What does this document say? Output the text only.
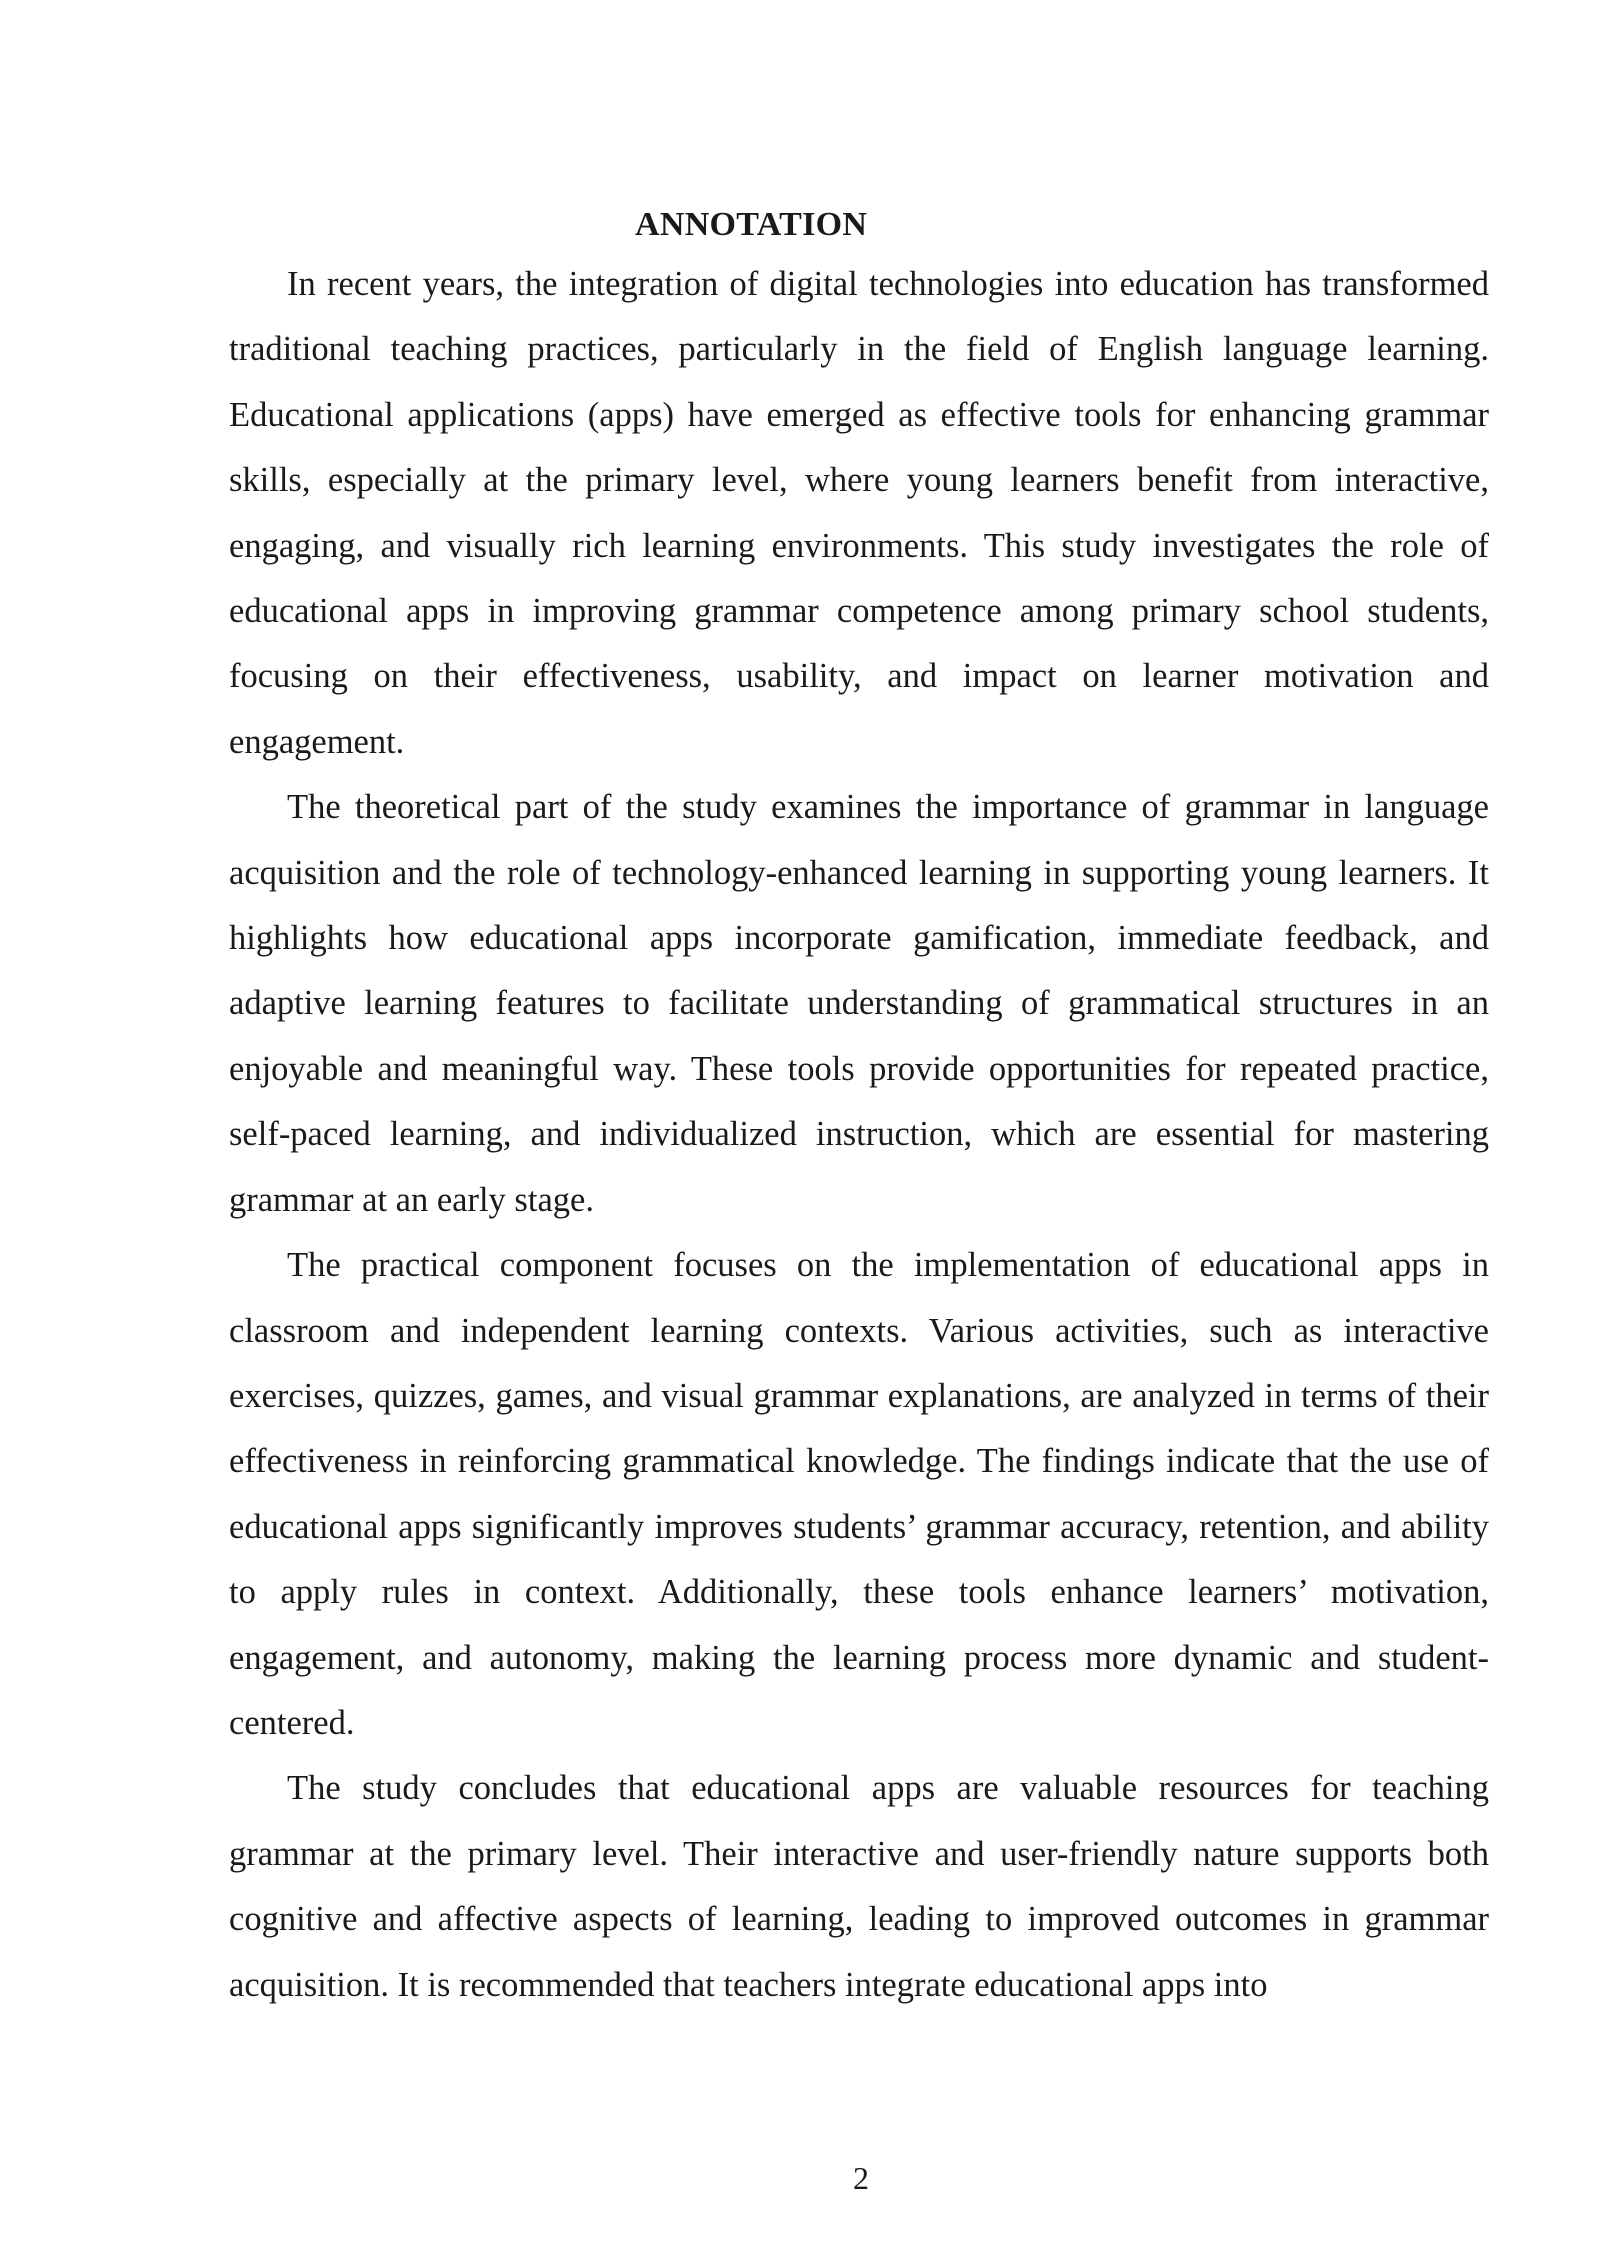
ANNOTATION

In recent years, the integration of digital technologies into education has transformed traditional teaching practices, particularly in the field of English language learning. Educational applications (apps) have emerged as effective tools for enhancing grammar skills, especially at the primary level, where young learners benefit from interactive, engaging, and visually rich learning environments. This study investigates the role of educational apps in improving grammar competence among primary school students, focusing on their effectiveness, usability, and impact on learner motivation and engagement.

The theoretical part of the study examines the importance of grammar in language acquisition and the role of technology-enhanced learning in supporting young learners. It highlights how educational apps incorporate gamification, immediate feedback, and adaptive learning features to facilitate understanding of grammatical structures in an enjoyable and meaningful way. These tools provide opportunities for repeated practice, self-paced learning, and individualized instruction, which are essential for mastering grammar at an early stage.

The practical component focuses on the implementation of educational apps in classroom and independent learning contexts. Various activities, such as interactive exercises, quizzes, games, and visual grammar explanations, are analyzed in terms of their effectiveness in reinforcing grammatical knowledge. The findings indicate that the use of educational apps significantly improves students’ grammar accuracy, retention, and ability to apply rules in context. Additionally, these tools enhance learners’ motivation, engagement, and autonomy, making the learning process more dynamic and student-centered.

The study concludes that educational apps are valuable resources for teaching grammar at the primary level. Their interactive and user-friendly nature supports both cognitive and affective aspects of learning, leading to improved outcomes in grammar acquisition. It is recommended that teachers integrate educational apps into

2
